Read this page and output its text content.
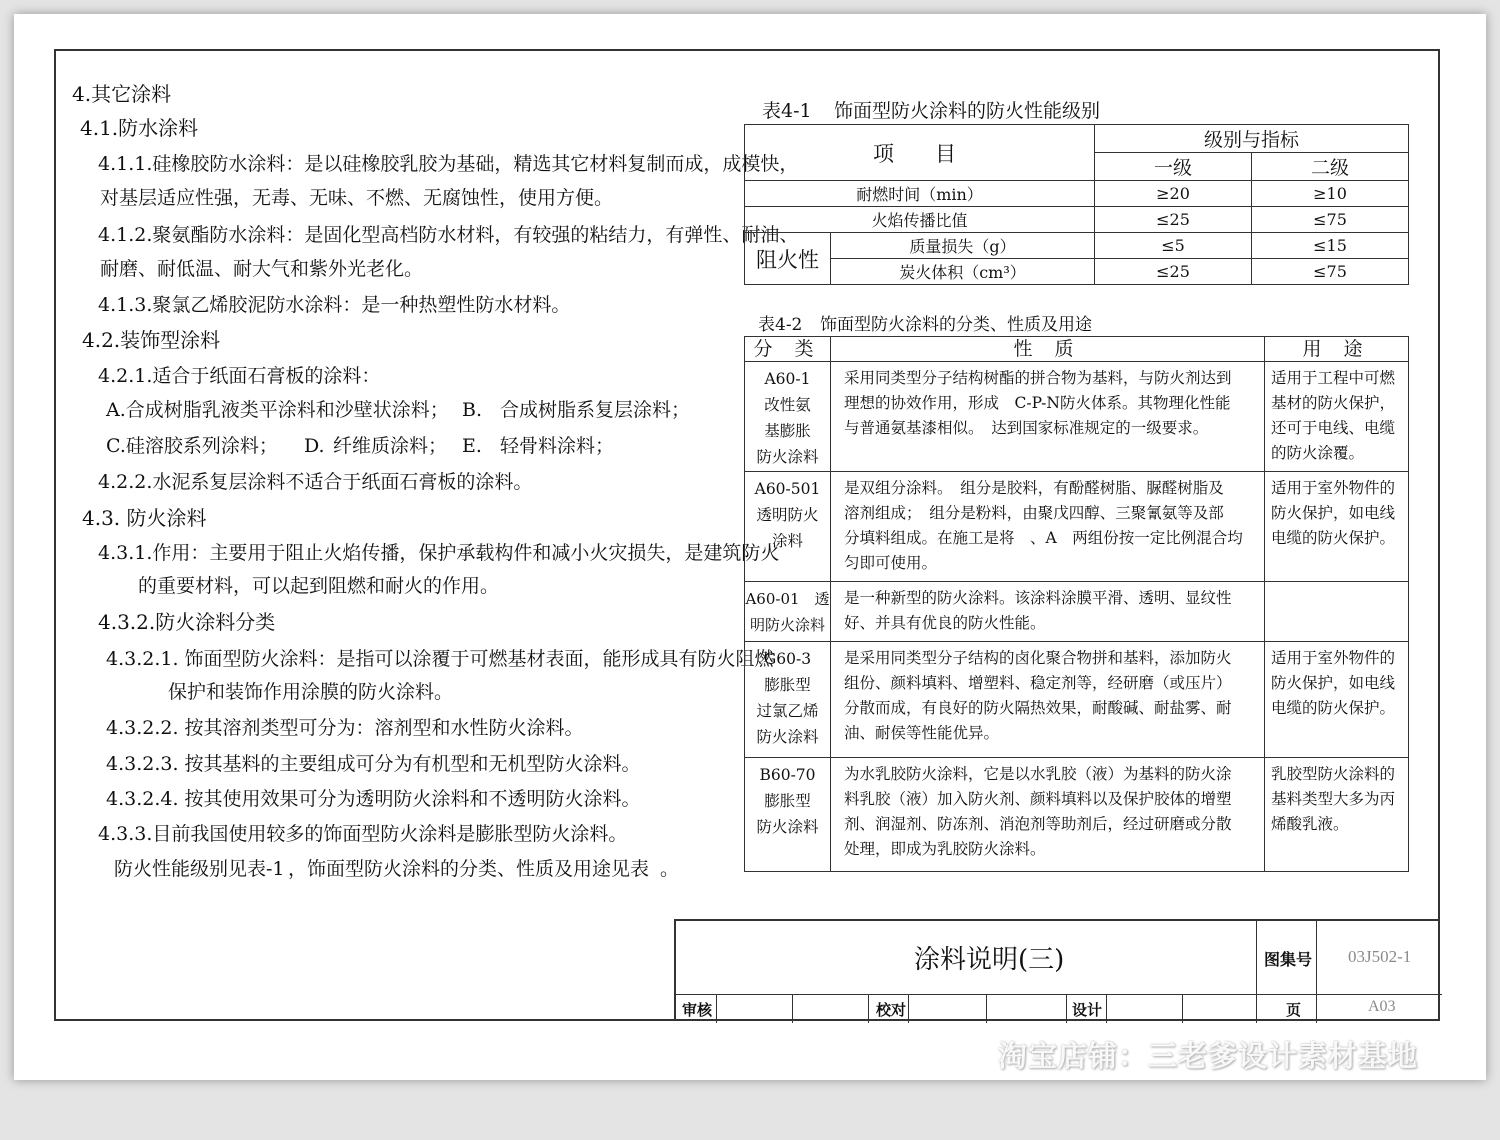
4.其它涂料
4.1.防水涂料
4.1.1.硅橡胶防水涂料：是以硅橡胶乳胶为基础，精选其它材料复制而成，成模快，
对基层适应性强，无毒、无味、不燃、无腐蚀性，使用方便。
4.1.2.聚氨酯防水涂料：是固化型高档防水材料，有较强的粘结力，有弹性、耐油、
耐磨、耐低温、耐大气和紫外光老化。
4.1.3.聚氯乙烯胶泥防水涂料：是一种热塑性防水材料。
4.2.装饰型涂料
4.2.1.适合于纸面石膏板的涂料：
A.合成树脂乳液类平涂料和沙壁状涂料； B. 合成树脂系复层涂料；
C.硅溶胶系列涂料； D. 纤维质涂料； E. 轻骨料涂料；
4.2.2.水泥系复层涂料不适合于纸面石膏板的涂料。
4.3. 防火涂料
4.3.1.作用：主要用于阻止火焰传播，保护承载构件和减小火灾损失，是建筑防火
的重要材料，可以起到阻燃和耐火的作用。
4.3.2.防火涂料分类
4.3.2.1. 饰面型防火涂料：是指可以涂覆于可燃基材表面，能形成具有防火阻燃
保护和装饰作用涂膜的防火涂料。
4.3.2.2. 按其溶剂类型可分为：溶剂型和水性防火涂料。
4.3.2.3. 按其基料的主要组成可分为有机型和无机型防火涂料。
4.3.2.4. 按其使用效果可分为透明防火涂料和不透明防火涂料。
4.3.3.目前我国使用较多的饰面型防火涂料是膨胀型防火涂料。
防火性能级别见表-1 ，饰面型防火涂料的分类、性质及用途见表 。
表4-1 饰面型防火涂料的防火性能级别
项　目		级别与指标	
		一级	二级
耐燃时间（min）		≥20	≥10
火焰传播比值		≤25	≤75
阻火性	质量损失（g）	≤5	≤15
	炭火体积（cm³）	≤25	≤75
表4-2 饰面型防火涂料的分类、性质及用途
分 类	性 质	用 途
A60-1
改性氨
基膨胀
防火涂料	采用同类型分子结构树酯的拼合物为基料，与防火剂达到
理想的协效作用，形成　C-P-N防火体系。其物理化性能
与普通氨基漆相似。　达到国家标准规定的一级要求。	适用于工程中可燃
基材的防火保护，
还可于电线、电缆
的防火涂覆。
A60-501
透明防火
涂料	是双组分涂料。　组分是胶料，有酚醛树脂、脲醛树脂及
溶剂组成；　组分是粉料，由聚戊四醇、三聚氰氨等及部
分填料组成。在施工是将　、A　两组份按一定比例混合均
匀即可使用。	适用于室外物件的
防火保护，如电线
电缆的防火保护。
A60-01　透
明防火涂料	是一种新型的防火涂料。该涂料涂膜平滑、透明、显纹性
好、并具有优良的防火性能。	
G60-3
膨胀型
过氯乙烯
防火涂料	是采用同类型分子结构的卤化聚合物拼和基料，添加防火
组份、颜料填料、增塑料、稳定剂等，经研磨（或压片）
分散而成，有良好的防火隔热效果，耐酸碱、耐盐雾、耐
油、耐侯等性能优异。	适用于室外物件的
防火保护，如电线
电缆的防火保护。
B60-70
膨胀型
防火涂料	为水乳胶防火涂料，它是以水乳胶（液）为基料的防火涂
料乳胶（液）加入防火剂、颜料填料以及保护胶体的增塑
剂、润湿剂、防冻剂、消泡剂等助剂后，经过研磨或分散
处理，即成为乳胶防火涂料。	乳胶型防火涂料的
基料类型大多为丙
烯酸乳液。
涂料说明(三)	图集号 03J502-1
审核	校对	设计	页	A03
淘宝店铺：三老爹设计素材基地
